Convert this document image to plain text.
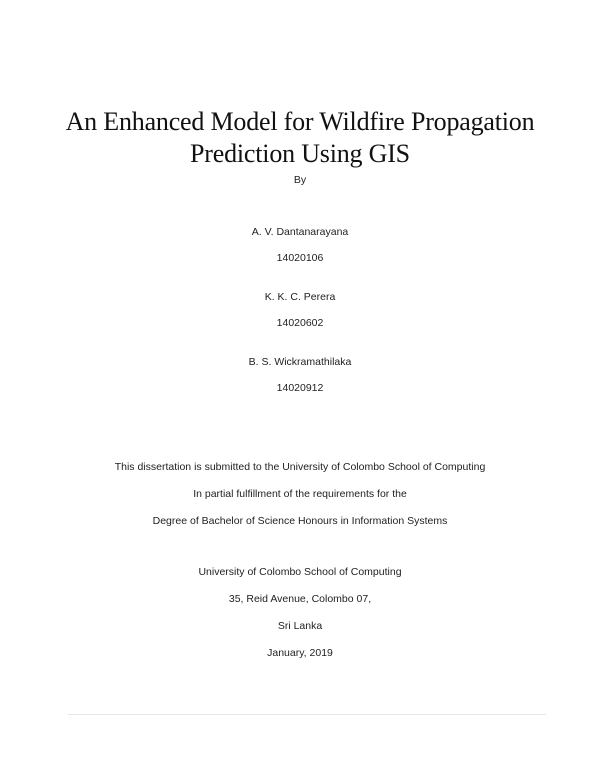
An Enhanced Model for Wildfire Propagation
Prediction Using GIS
By
A. V. Dantanarayana
14020106
K. K. C. Perera
14020602
B. S. Wickramathilaka
14020912
This dissertation is submitted to the University of Colombo School of Computing
In partial fulfillment of the requirements for the
Degree of Bachelor of Science Honours in Information Systems
University of Colombo School of Computing
35, Reid Avenue, Colombo 07,
Sri Lanka
January, 2019
